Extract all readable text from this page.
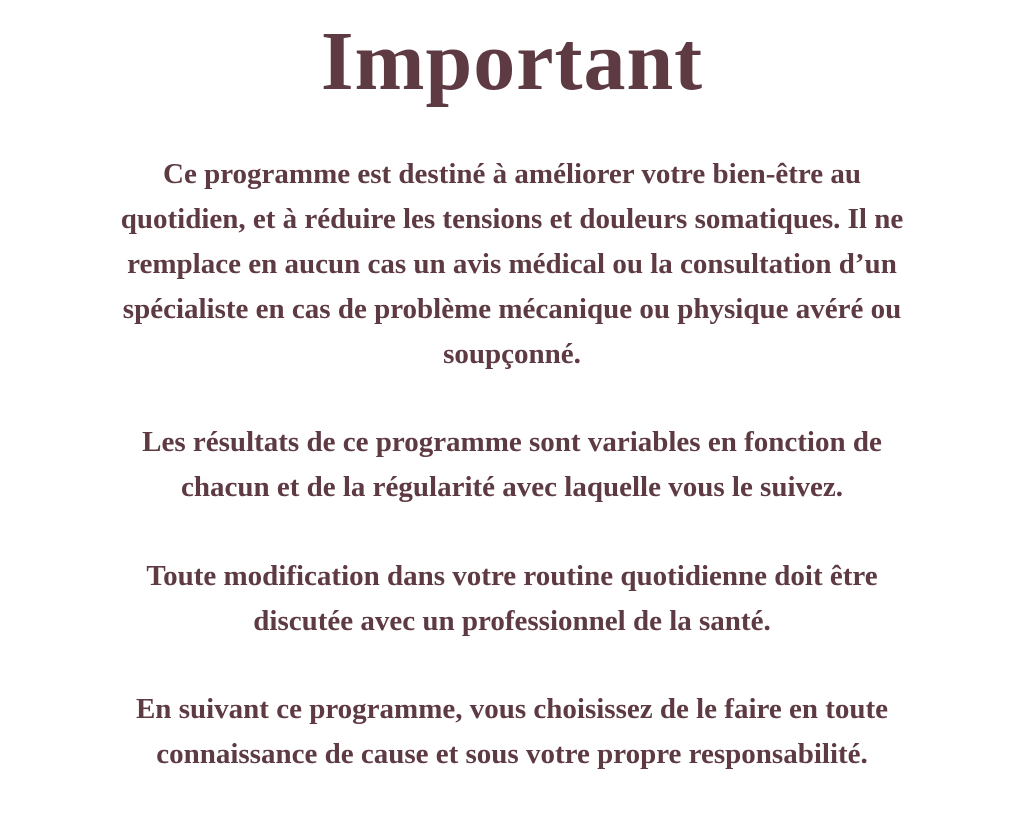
Important

Ce programme est destiné à améliorer votre bien-être au
quotidien, et à réduire les tensions et douleurs somatiques. Il ne
remplace en aucun cas un avis médical ou la consultation d’un
spécialiste en cas de problème mécanique ou physique avéré ou
soupçonné.

Les résultats de ce programme sont variables en fonction de
chacun et de la régularité avec laquelle vous le suivez.

Toute modification dans votre routine quotidienne doit être
discutée avec un professionnel de la santé.

En suivant ce programme, vous choisissez de le faire en toute
connaissance de cause et sous votre propre responsabilité.
